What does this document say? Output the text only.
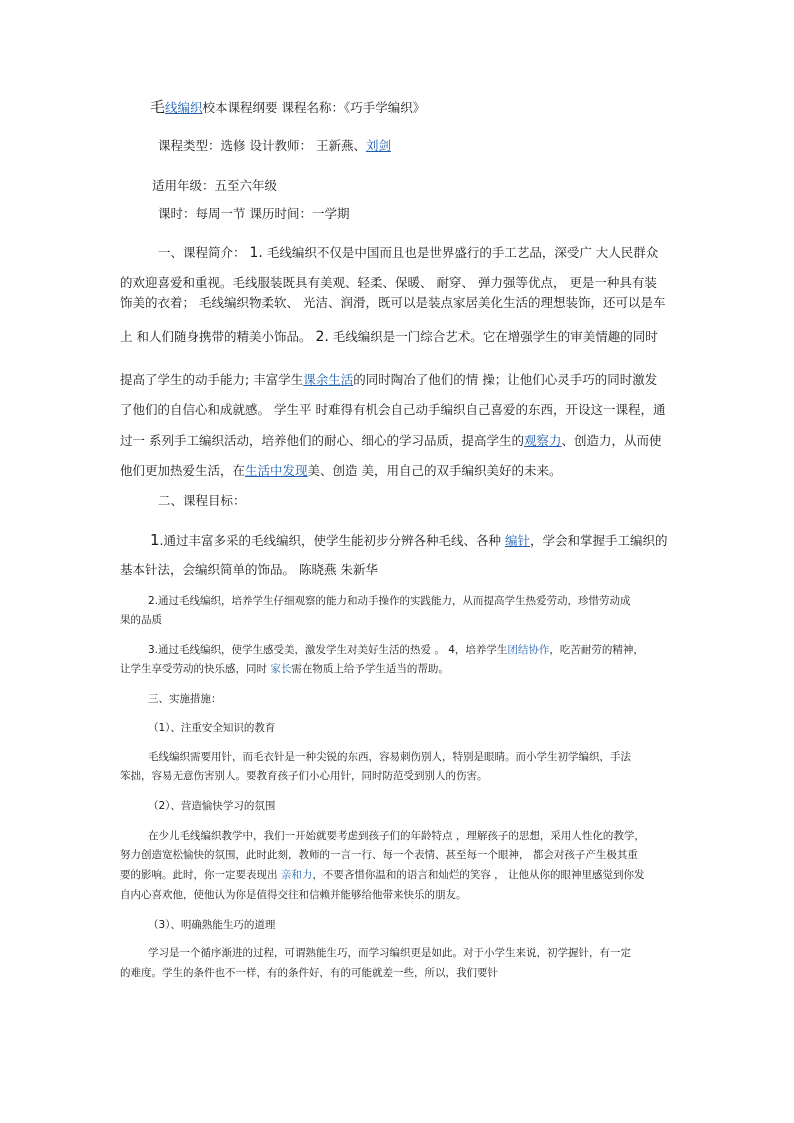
毛线编织校本课程纲要 课程名称：《巧手学编织》
课程类型：选修 设计教师： 王新燕、刘剑
适用年级：五至六年级
课时：每周一节 课历时间：一学期
一、课程简介： 1. 毛线编织不仅是中国而且也是世界盛行的手工艺品，深受广 大人民群众
的欢迎喜爱和重视。毛线服装既具有美观、轻柔、保暖、 耐穿、 弹力强等优点， 更是一种具有装
饰美的衣着； 毛线编织物柔软、 光洁、润滑，既可以是装点家居美化生活的理想装饰，还可以是车
上 和人们随身携带的精美小饰品。 2. 毛线编织是一门综合艺术。它在增强学生的审美情趣的同时
提高了学生的动手能力; 丰富学生课余生活的同时陶冶了他们的情 操；让他们心灵手巧的同时激发
了他们的自信心和成就感。 学生平 时难得有机会自己动手编织自己喜爱的东西，开设这一课程，通
过一 系列手工编织活动，培养他们的耐心、细心的学习品质，提高学生的观察力、创造力，从而使
他们更加热爱生活，在生活中发现美、创造 美，用自己的双手编织美好的未来。
二、课程目标：
1.通过丰富多采的毛线编织，使学生能初步分辨各种毛线、各种 编针，学会和掌握手工编织的
基本针法，会编织简单的饰品。 陈晓燕 朱新华
2.通过毛线编织，培养学生仔细观察的能力和动手操作的实践能力，从而提高学生热爱劳动，珍惜劳动成
果的品质
3.通过毛线编织，使学生感受美，激发学生对美好生活的热爱 。 4，培养学生团结协作，吃苦耐劳的精神，
让学生享受劳动的快乐感，同时 家长需在物质上给予学生适当的帮助。
三、实施措施：
（1）、注重安全知识的教育
毛线编织需要用针，而毛衣针是一种尖锐的东西，容易刺伤别人，特别是眼睛。而小学生初学编织，手法
笨拙，容易无意伤害别人。要教育孩子们小心用针，同时防范受到别人的伤害。
（2）、营造愉快学习的氛围
在少儿毛线编织教学中，我们一开始就要考虑到孩子们的年龄特点 ，理解孩子的思想，采用人性化的教学，
努力创造宽松愉快的氛围，此时此刻，教师的一言一行、每一个表情、甚至每一个眼神， 都会对孩子产生极其重
要的影响。此时，你一定要表现出 亲和力，不要吝惜你温和的语言和灿烂的笑容 ， 让他从你的眼神里感觉到你发
自内心喜欢他，使他认为你是值得交往和信赖并能够给他带来快乐的朋友。
（3）、明确熟能生巧的道理
学习是一个循序渐进的过程，可谓熟能生巧，而学习编织更是如此。对于小学生来说，初学握针，有一定
的难度。学生的条件也不一样，有的条件好，有的可能就差一些，所以，我们要针
